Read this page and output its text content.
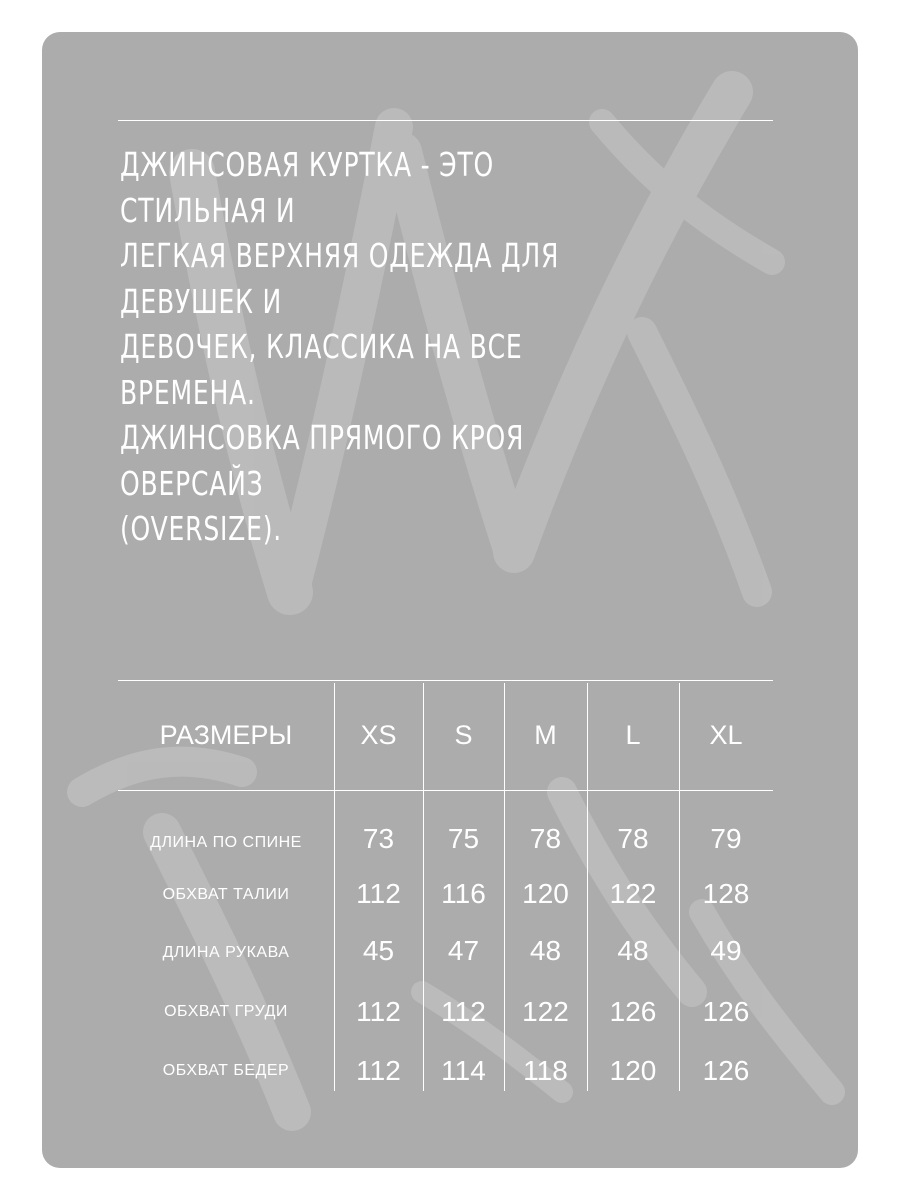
ДЖИНСОВАЯ КУРТКА - ЭТО СТИЛЬНАЯ И
ЛЕГКАЯ ВЕРХНЯЯ ОДЕЖДА ДЛЯ ДЕВУШЕК И
ДЕВОЧЕК, КЛАССИКА НА ВСЕ ВРЕМЕНА.
ДЖИНСОВКА ПРЯМОГО КРОЯ ОВЕРСАЙЗ
(OVERSIZE).
РАЗМЕРЫ	XS	S	M	L	XL
ДЛИНА ПО СПИНЕ	73	75	78	78	79
ОБХВАТ ТАЛИИ	112	116	120	122	128
ДЛИНА РУКАВА	45	47	48	48	49
ОБХВАТ ГРУДИ	112	112	122	126	126
ОБХВАТ БЕДЕР	112	114	118	120	126
